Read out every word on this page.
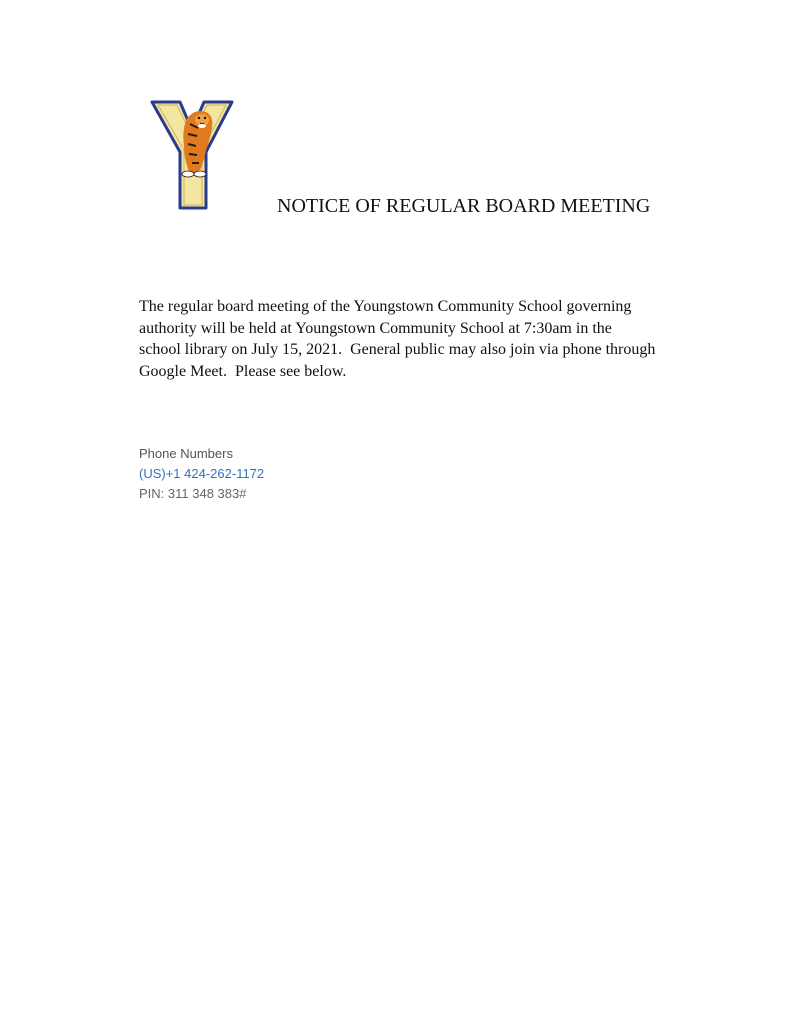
NOTICE OF REGULAR BOARD MEETING
The regular board meeting of the Youngstown Community School governing
authority will be held at Youngstown Community School at 7:30am in the
school library on July 15, 2021.  General public may also join via phone through
Google Meet.  Please see below.
Phone Numbers
(US)+1 424-262-1172
PIN: 311 348 383#
